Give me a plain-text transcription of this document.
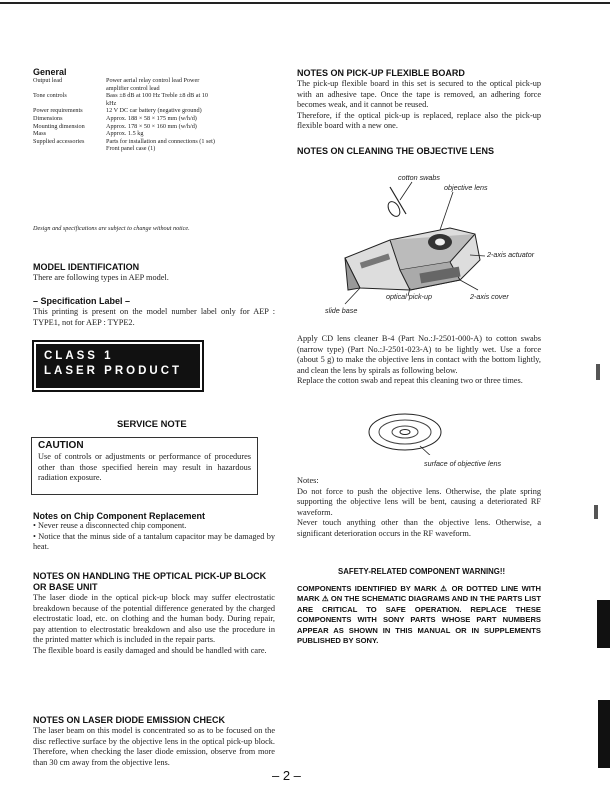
General
Output lead	Power aerial relay control lead Power amplifier control lead
Tone controls	Bass ±8 dB at 100 Hz Treble ±8 dB at 10 kHz
Power requirements	12 V DC car battery (negative ground)
Dimensions	Approx. 188 × 58 × 175 mm (w/h/d)
Mounting dimension	Approx. 178 × 50 × 160 mm (w/h/d)
Mass	Approx. 1.5 kg
Supplied accessories	Parts for installation and connections (1 set)
Front panel case (1)
Design and specifications are subject to change without notice.
MODEL IDENTIFICATION
There are following types in AEP model.
– Specification Label –
This printing is present on the model number label only for AEP : TYPE1, not for AEP : TYPE2.
CLASS 1
LASER PRODUCT
SERVICE NOTE
CAUTION
Use of controls or adjustments or performance of procedures other than those specified herein may result in hazardous radiation exposure.
Notes on Chip Component Replacement
• Never reuse a disconnected chip component.
• Notice that the minus side of a tantalum capacitor may be damaged by heat.
NOTES ON HANDLING THE OPTICAL PICK-UP BLOCK OR BASE UNIT
The laser diode in the optical pick-up block may suffer electrostatic breakdown because of the potential difference generated by the charged electrostatic load, etc. on clothing and the human body. During repair, pay attention to electrostatic breakdown and also use the procedure in the printed matter which is included in the repair parts.
The flexible board is easily damaged and should be handled with care.
NOTES ON LASER DIODE EMISSION CHECK
The laser beam on this model is concentrated so as to be focused on the disc reflective surface by the objective lens in the optical pick-up block. Therefore, when checking the laser diode emission, observe from more than 30 cm away from the objective lens.
NOTES ON PICK-UP FLEXIBLE BOARD
The pick-up flexible board in this set is secured to the optical pick-up with an adhesive tape. Once the tape is removed, an adhering force becomes weak, and it cannot be reused.
Therefore, if the optical pick-up is replaced, replace also the pick-up flexible board with a new one.
NOTES ON CLEANING THE OBJECTIVE LENS
cotton swabs
objective lens
2-axis actuator
optical pick-up	2-axis cover
slide base
Apply CD lens cleaner B-4 (Part No.:J-2501-000-A) to cotton swabs (narrow type) (Part No.:J-2501-023-A) to be lightly wet. Use a force (about 5 g) to make the objective lens in contact with the bottom lightly, and clean the lens by spirals as following below.
Replace the cotton swab and repeat this cleaning two or three times.
surface of objective lens
Notes:
Do not force to push the objective lens. Otherwise, the plate spring supporting the objective lens will be bent, causing a deteriorated RF waveform.
Never touch anything other than the objective lens. Otherwise, a significant deterioration occurs in the RF waveform.
SAFETY-RELATED COMPONENT WARNING!!
COMPONENTS IDENTIFIED BY MARK ⚠ OR DOTTED LINE WITH MARK ⚠ ON THE SCHEMATIC DIAGRAMS AND IN THE PARTS LIST ARE CRITICAL TO SAFE OPERATION. REPLACE THESE COMPONENTS WITH SONY PARTS WHOSE PART NUMBERS APPEAR AS SHOWN IN THIS MANUAL OR IN SUPPLEMENTS PUBLISHED BY SONY.
– 2 –
